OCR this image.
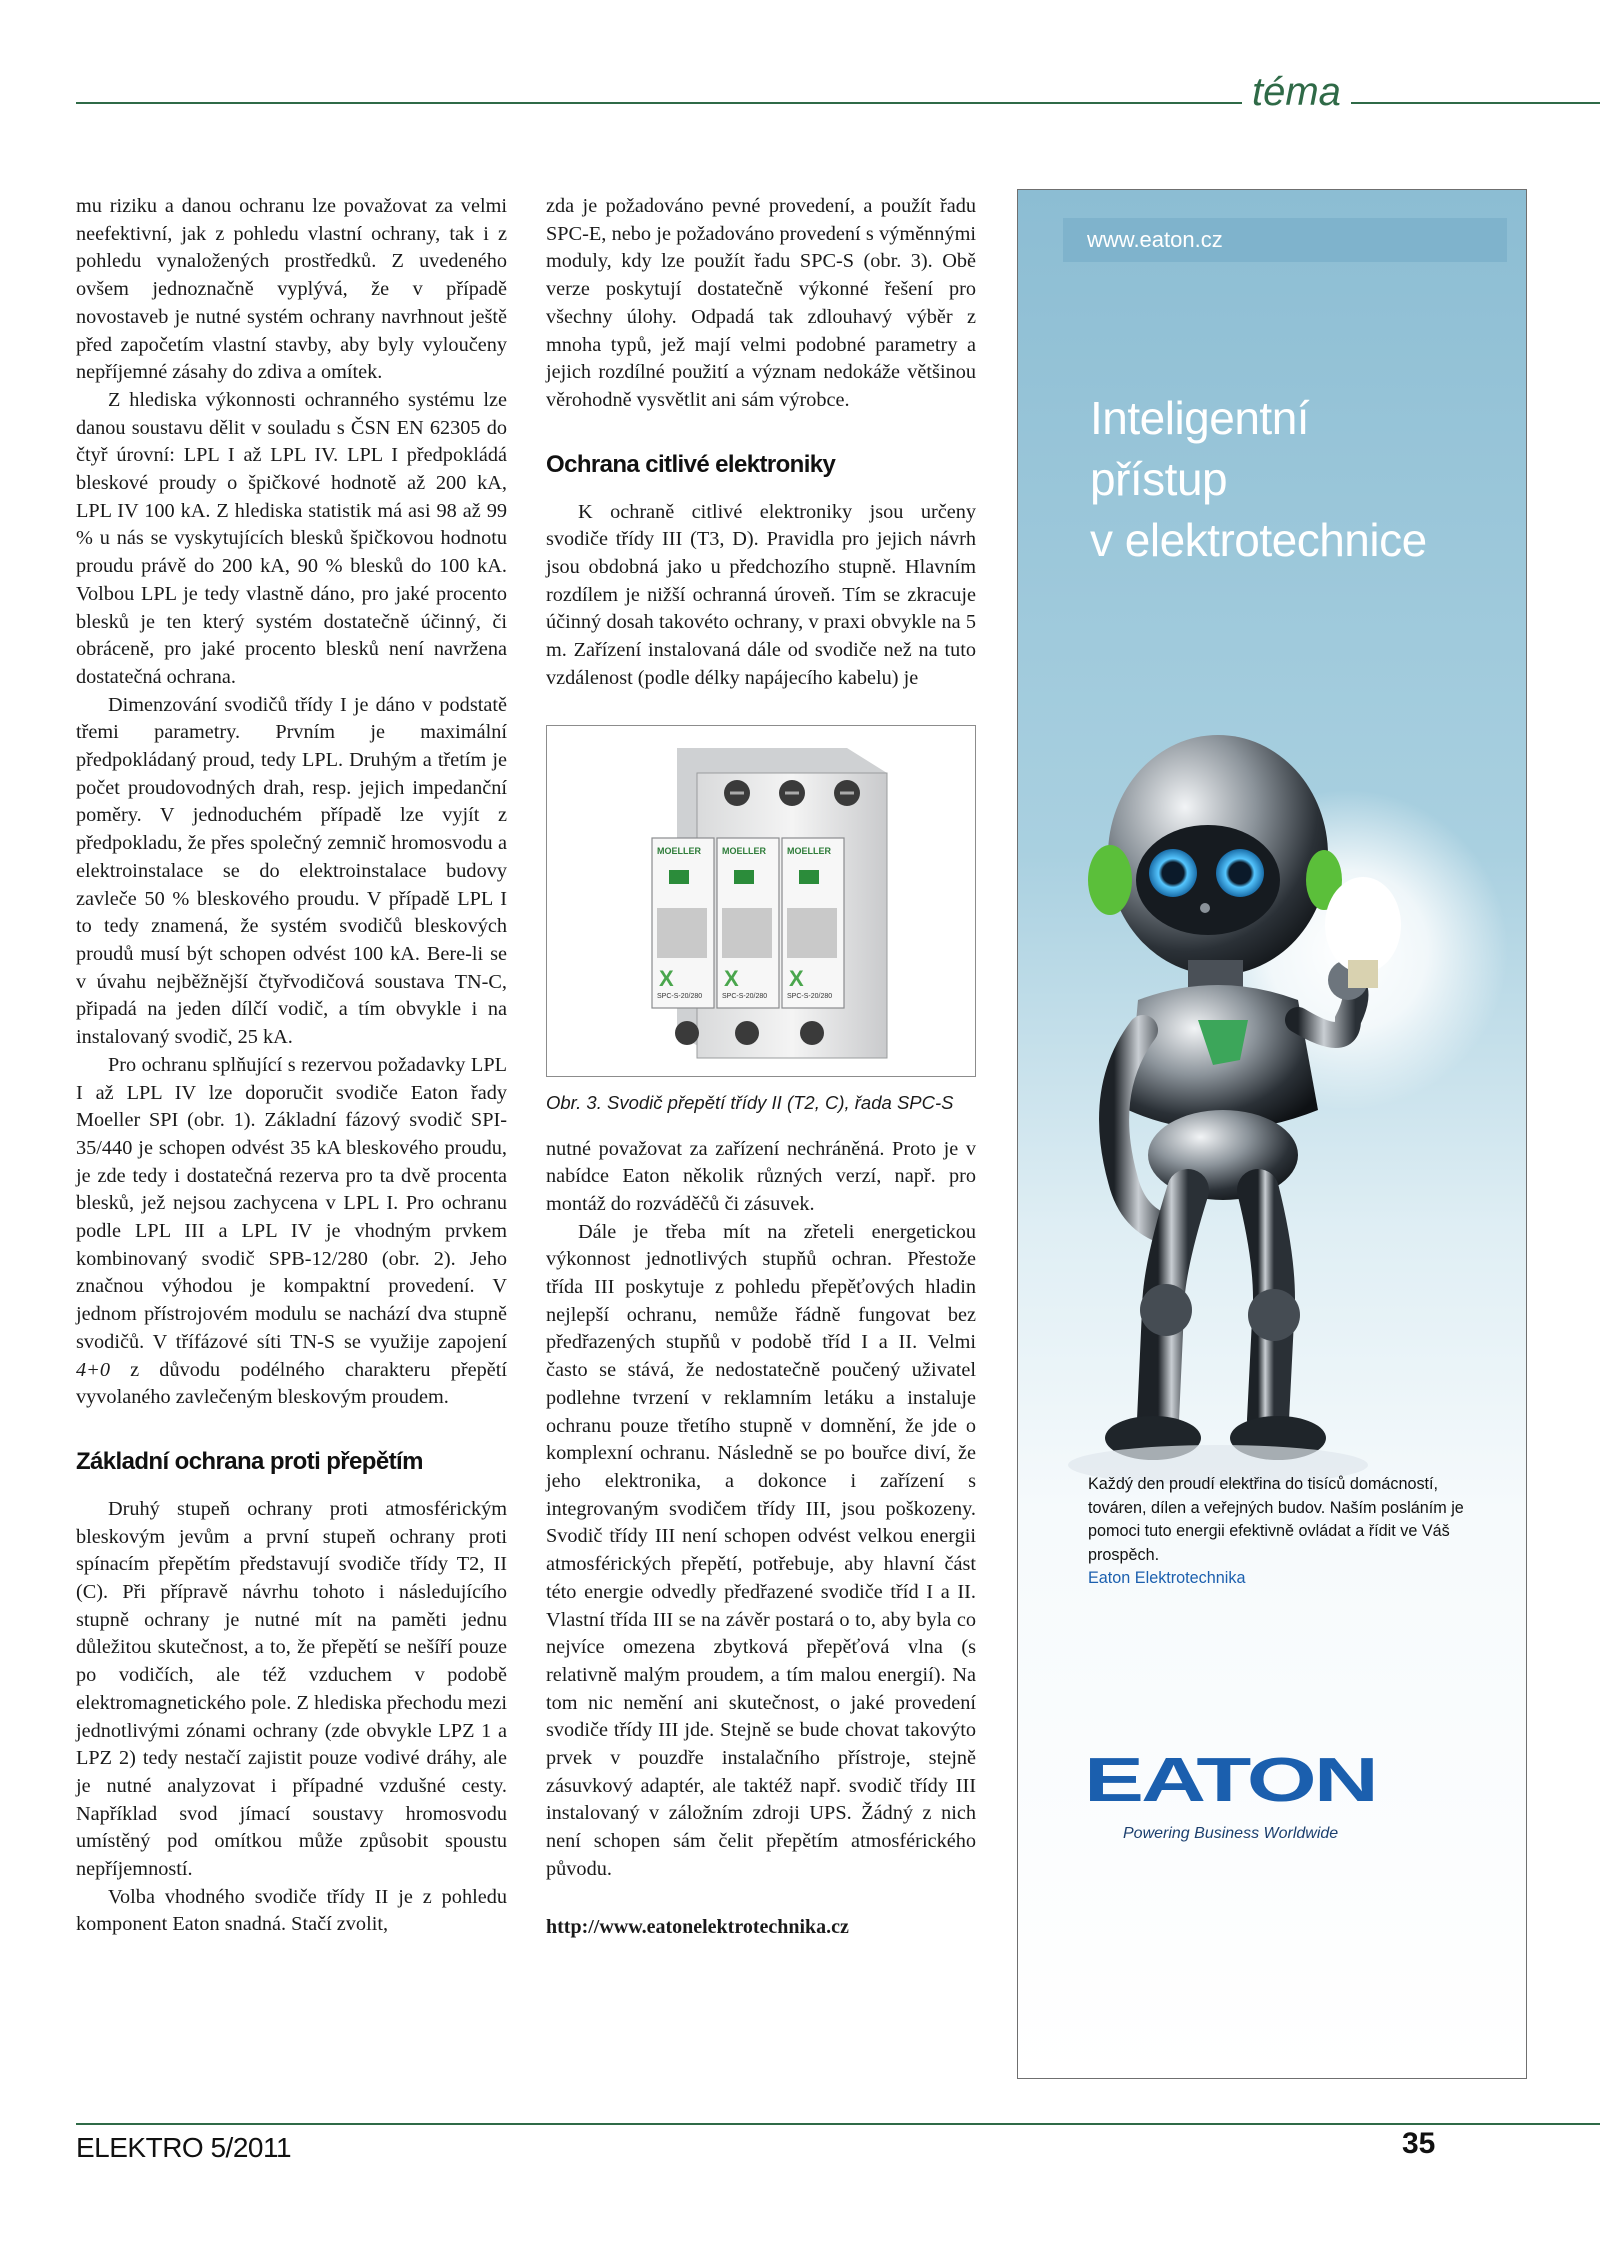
téma

mu riziku a danou ochranu lze považovat za velmi neefektivní, jak z pohledu vlastní ochrany, tak i z pohledu vynaložených prostředků. Z uvedeného ovšem jednoznačně vyplývá, že v případě novostaveb je nutné systém ochrany navrhnout ještě před započetím vlastní stavby, aby byly vyloučeny nepříjemné zásahy do zdiva a omítek.

Z hlediska výkonnosti ochranného systému lze danou soustavu dělit v souladu s ČSN EN 62305 do čtyř úrovní: LPL I až LPL IV. LPL I předpokládá bleskové proudy o špičkové hodnotě až 200 kA, LPL IV 100 kA. Z hlediska statistik má asi 98 až 99 % u nás se vyskytujících blesků špičkovou hodnotu proudu právě do 200 kA, 90 % blesků do 100 kA. Volbou LPL je tedy vlastně dáno, pro jaké procento blesků je ten který systém dostatečně účinný, či obráceně, pro jaké procento blesků není navržena dostatečná ochrana.

Dimenzování svodičů třídy I je dáno v podstatě třemi parametry. Prvním je maximální předpokládaný proud, tedy LPL. Druhým a třetím je počet proudovodných drah, resp. jejich impedanční poměry. V jednoduchém případě lze vyjít z předpokladu, že přes společný zemnič hromosvodu a elektroinstalace se do elektroinstalace budovy zavleče 50 % bleskového proudu. V případě LPL I to tedy znamená, že systém svodičů bleskových proudů musí být schopen odvést 100 kA. Bere-li se v úvahu nejběžnější čtyřvodičová soustava TN-C, připadá na jeden dílčí vodič, a tím obvykle i na instalovaný svodič, 25 kA.

Pro ochranu splňující s rezervou požadavky LPL I až LPL IV lze doporučit svodiče Eaton řady Moeller SPI (obr. 1). Základní fázový svodič SPI-35/440 je schopen odvést 35 kA bleskového proudu, je zde tedy i dostatečná rezerva pro ta dvě procenta blesků, jež nejsou zachycena v LPL I. Pro ochranu podle LPL III a LPL IV je vhodným prvkem kombinovaný svodič SPB-12/280 (obr. 2). Jeho značnou výhodou je kompaktní provedení. V jednom přístrojovém modulu se nachází dva stupně svodičů. V třífázové síti TN-S se využije zapojení 4+0 z důvodu podélného charakteru přepětí vyvolaného zavlečeným bleskovým proudem.

Základní ochrana proti přepětím

Druhý stupeň ochrany proti atmosférickým bleskovým jevům a první stupeň ochrany proti spínacím přepětím představují svodiče třídy T2, II (C). Při přípravě návrhu tohoto i následujícího stupně ochrany je nutné mít na paměti jednu důležitou skutečnost, a to, že přepětí se nešíří pouze po vodičích, ale též vzduchem v podobě elektromagnetického pole. Z hlediska přechodu mezi jednotlivými zónami ochrany (zde obvykle LPZ 1 a LPZ 2) tedy nestačí zajistit pouze vodivé dráhy, ale je nutné analyzovat i případné vzdušné cesty. Například svod jímací soustavy hromosvodu umístěný pod omítkou může způsobit spoustu nepříjemností.

Volba vhodného svodiče třídy II je z pohledu komponent Eaton snadná. Stačí zvolit,

zda je požadováno pevné provedení, a použít řadu SPC-E, nebo je požadováno provedení s výměnnými moduly, kdy lze použít řadu SPC-S (obr. 3). Obě verze poskytují dostatečně výkonné řešení pro všechny úlohy. Odpadá tak zdlouhavý výběr z mnoha typů, jež mají velmi podobné parametry a jejich rozdílné použití a význam nedokáže většinou věrohodně vysvětlit ani sám výrobce.

Ochrana citlivé elektroniky

K ochraně citlivé elektroniky jsou určeny svodiče třídy III (T3, D). Pravidla pro jejich návrh jsou obdobná jako u předchozího stupně. Hlavním rozdílem je nižší ochranná úroveň. Tím se zkracuje účinný dosah takovéto ochrany, v praxi obvykle na 5 m. Zařízení instalovaná dále od svodiče než na tuto vzdálenost (podle délky napájecího kabelu) je

MOELLER MOELLER MOELLER
X X X
SPC-S-20/280	SPC-S-20/280	SPC-S-20/280
Obr. 3. Svodič přepětí třídy II (T2, C), řada SPC-S

nutné považovat za zařízení nechráněná. Proto je v nabídce Eaton několik různých verzí, např. pro montáž do rozváděčů či zásuvek.

Dále je třeba mít na zřeteli energetickou výkonnost jednotlivých stupňů ochran. Přestože třída III poskytuje z pohledu přepěťových hladin nejlepší ochranu, nemůže řádně fungovat bez předřazených stupňů v podobě tříd I a II. Velmi často se stává, že nedostatečně poučený uživatel podlehne tvrzení v reklamním letáku a instaluje ochranu pouze třetího stupně v domnění, že jde o komplexní ochranu. Následně se po bouřce diví, že jeho elektronika, a dokonce i zařízení s integrovaným svodičem třídy III, jsou poškozeny. Svodič třídy III není schopen odvést velkou energii atmosférických přepětí, potřebuje, aby hlavní část této energie odvedly předřazené svodiče tříd I a II. Vlastní třída III se na závěr postará o to, aby byla co nejvíce omezena zbytková přepěťová vlna (s relativně malým proudem, a tím malou energií). Na tom nic nemění ani skutečnost, o jaké provedení svodiče třídy III jde. Stejně se bude chovat takovýto prvek v pouzdře instalačního přístroje, stejně zásuvkový adaptér, ale taktéž např. svodič třídy III instalovaný v záložním zdroji UPS. Žádný z nich není schopen sám čelit přepětím atmosférického původu.

http://www.eatonelektrotechnika.cz
www.eaton.cz
Inteligentní
přístup
v elektrotechnice
Každý den proudí elektřina do tisíců domácností, továren, dílen a veřejných budov. Naším posláním je pomoci tuto energii efektivně ovládat a řídit ve Váš prospěch.
Eaton Elektrotechnika
EATON
Powering Business Worldwide
ELEKTRO 5/2011	35
